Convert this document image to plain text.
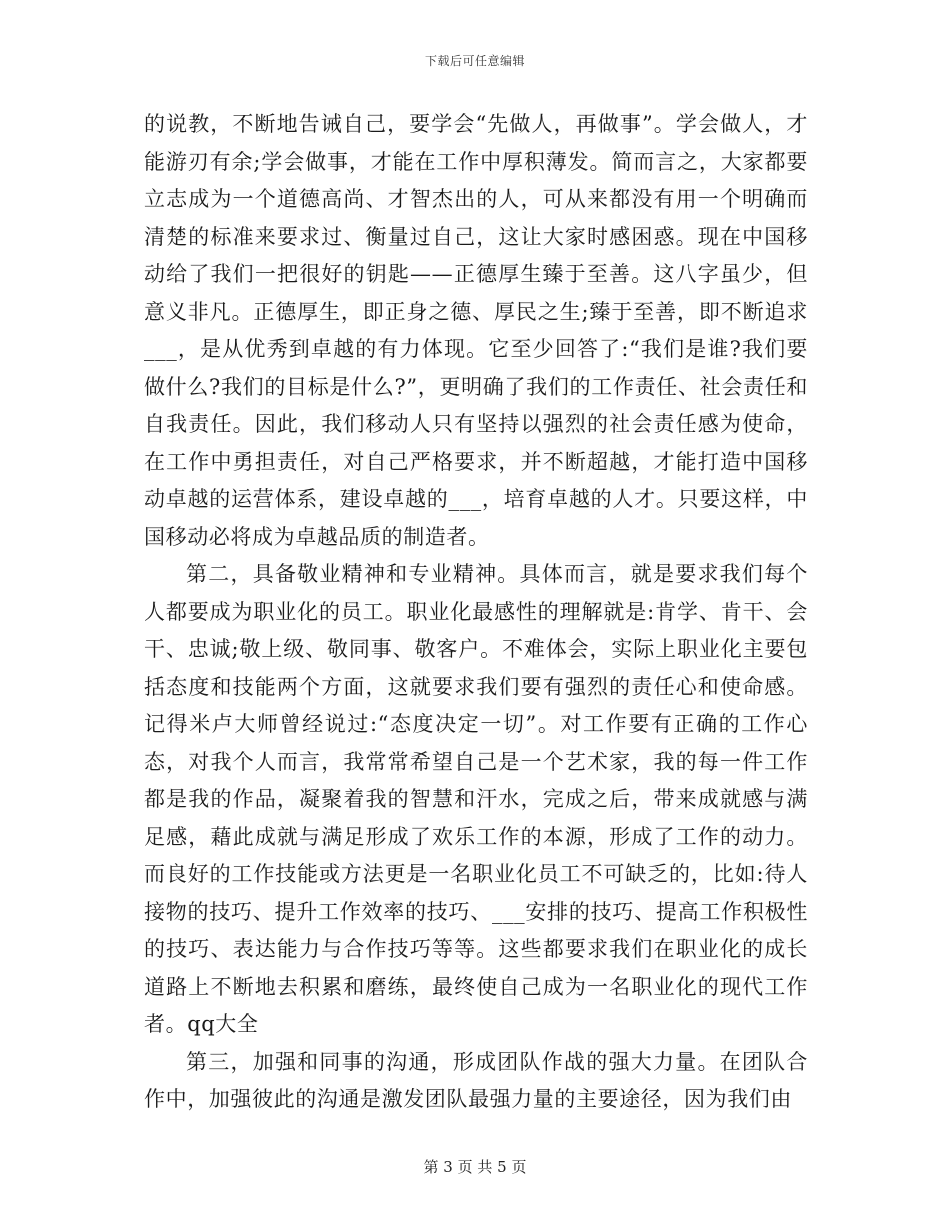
下载后可任意编辑

的说教，不断地告诫自己，要学会“先做人，再做事”。学会做人，才能游刃有余;学会做事，才能在工作中厚积薄发。简而言之，大家都要立志成为一个道德高尚、才智杰出的人，可从来都没有用一个明确而清楚的标准来要求过、衡量过自己，这让大家时感困惑。现在中国移动给了我们一把很好的钥匙——正德厚生臻于至善。这八字虽少，但意义非凡。正德厚生，即正身之德、厚民之生;臻于至善，即不断追求___，是从优秀到卓越的有力体现。它至少回答了:“我们是谁?我们要做什么?我们的目标是什么?”，更明确了我们的工作责任、社会责任和自我责任。因此，我们移动人只有坚持以强烈的社会责任感为使命，在工作中勇担责任，对自己严格要求，并不断超越，才能打造中国移动卓越的运营体系，建设卓越的___，培育卓越的人才。只要这样，中国移动必将成为卓越品质的制造者。

第二，具备敬业精神和专业精神。具体而言，就是要求我们每个人都要成为职业化的员工。职业化最感性的理解就是:肯学、肯干、会干、忠诚;敬上级、敬同事、敬客户。不难体会，实际上职业化主要包括态度和技能两个方面，这就要求我们要有强烈的责任心和使命感。记得米卢大师曾经说过:“态度决定一切”。对工作要有正确的工作心态，对我个人而言，我常常希望自己是一个艺术家，我的每一件工作都是我的作品，凝聚着我的智慧和汗水，完成之后，带来成就感与满足感，藉此成就与满足形成了欢乐工作的本源，形成了工作的动力。而良好的工作技能或方法更是一名职业化员工不可缺乏的，比如:待人接物的技巧、提升工作效率的技巧、___安排的技巧、提高工作积极性的技巧、表达能力与合作技巧等等。这些都要求我们在职业化的成长道路上不断地去积累和磨练，最终使自己成为一名职业化的现代工作者。qq大全

第三，加强和同事的沟通，形成团队作战的强大力量。在团队合作中，加强彼此的沟通是激发团队最强力量的主要途径，因为我们由

第 3 页 共 5 页
